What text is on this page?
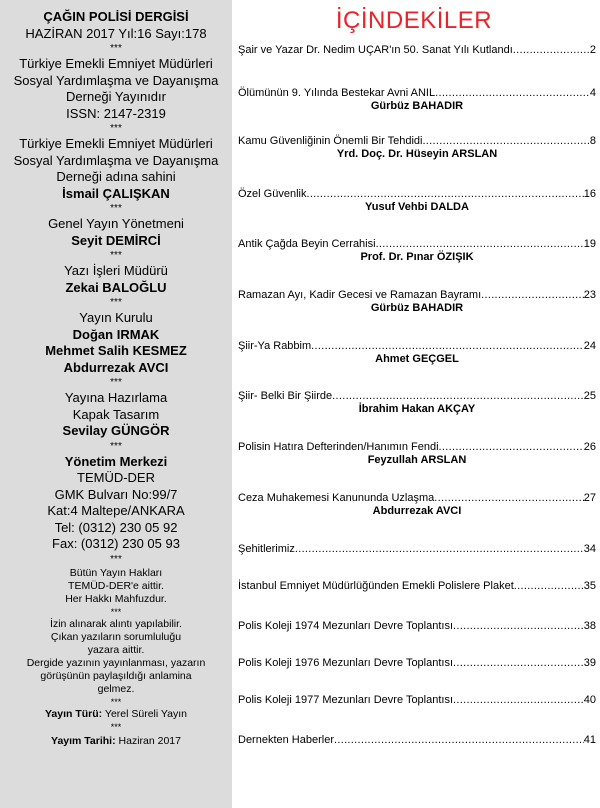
ÇAĞIN POLİSİ DERGİSİ
HAZİRAN 2017 Yıl:16 Sayı:178
***
Türkiye Emekli Emniyet Müdürleri
Sosyal Yardımlaşma ve Dayanışma
Derneği Yayınıdır
ISSN: 2147-2319
***
Türkiye Emekli Emniyet Müdürleri
Sosyal Yardımlaşma ve Dayanışma
Derneği adına sahini
İsmail ÇALIŞKAN
***
Genel Yayın Yönetmeni
Seyit DEMİRCİ
***
Yazı İşleri Müdürü
Zekai BALOĞLU
***
Yayın Kurulu
Doğan IRMAK
Mehmet Salih KESMEZ
Abdurrezak AVCI
***
Yayına Hazırlama
Kapak Tasarım
Sevilay GÜNGÖR
***
Yönetim Merkezi
TEMÜD-DER
GMK Bulvarı No:99/7
Kat:4 Maltepe/ANKARA
Tel: (0312) 230 05 92
Fax: (0312) 230 05 93
***
Bütün Yayın Hakları
TEMÜD-DER'e aittir.
Her Hakkı Mahfuzdur.
***
İzin alınarak alıntı yapılabilir.
Çıkan yazıların sorumluluğu
yazara aittir.
Dergide yazının yayınlanması, yazarın
görüşünün paylaşıldığı anlamina
gelmez.
***
Yayın Türü: Yerel Süreli Yayın
***
Yayım Tarihi: Haziran 2017
İÇİNDEKİLER
Şair ve Yazar Dr. Nedim UÇAR'ın 50. Sanat Yılı Kutlandı .....	2
Ölümünün 9. Yılında Bestekar Avni ANIL .....	4
Gürbüz BAHADIR
Kamu Güvenliğinin Önemli Bir Tehdidi .....	8
Yrd. Doç. Dr. Hüseyin ARSLAN
Özel Güvenlik .....	16
Yusuf Vehbi DALDA
Antik Çağda Beyin Cerrahisi .....	19
Prof. Dr. Pınar ÖZIŞIK
Ramazan Ayı, Kadir Gecesi ve Ramazan Bayramı .....	23
Gürbüz BAHADIR
Şiir-Ya Rabbim .....	24
Ahmet GEÇGEL
Şiir- Belki Bir Şiirde .....	25
İbrahim Hakan AKÇAY
Polisin Hatıra Defterinden/Hanımın Fendi .....	26
Feyzullah ARSLAN
Ceza Muhakemesi Kanununda Uzlaşma .....	27
Abdurrezak AVCI
Şehitlerimiz .....	34
İstanbul Emniyet Müdürlüğünden Emekli Polislere Plaket .....	35
Polis Koleji 1974 Mezunları Devre Toplantısı .....	38
Polis Koleji 1976 Mezunları Devre Toplantısı .....	39
Polis Koleji 1977 Mezunları Devre Toplantısı .....	40
Dernekten Haberler .....	41
